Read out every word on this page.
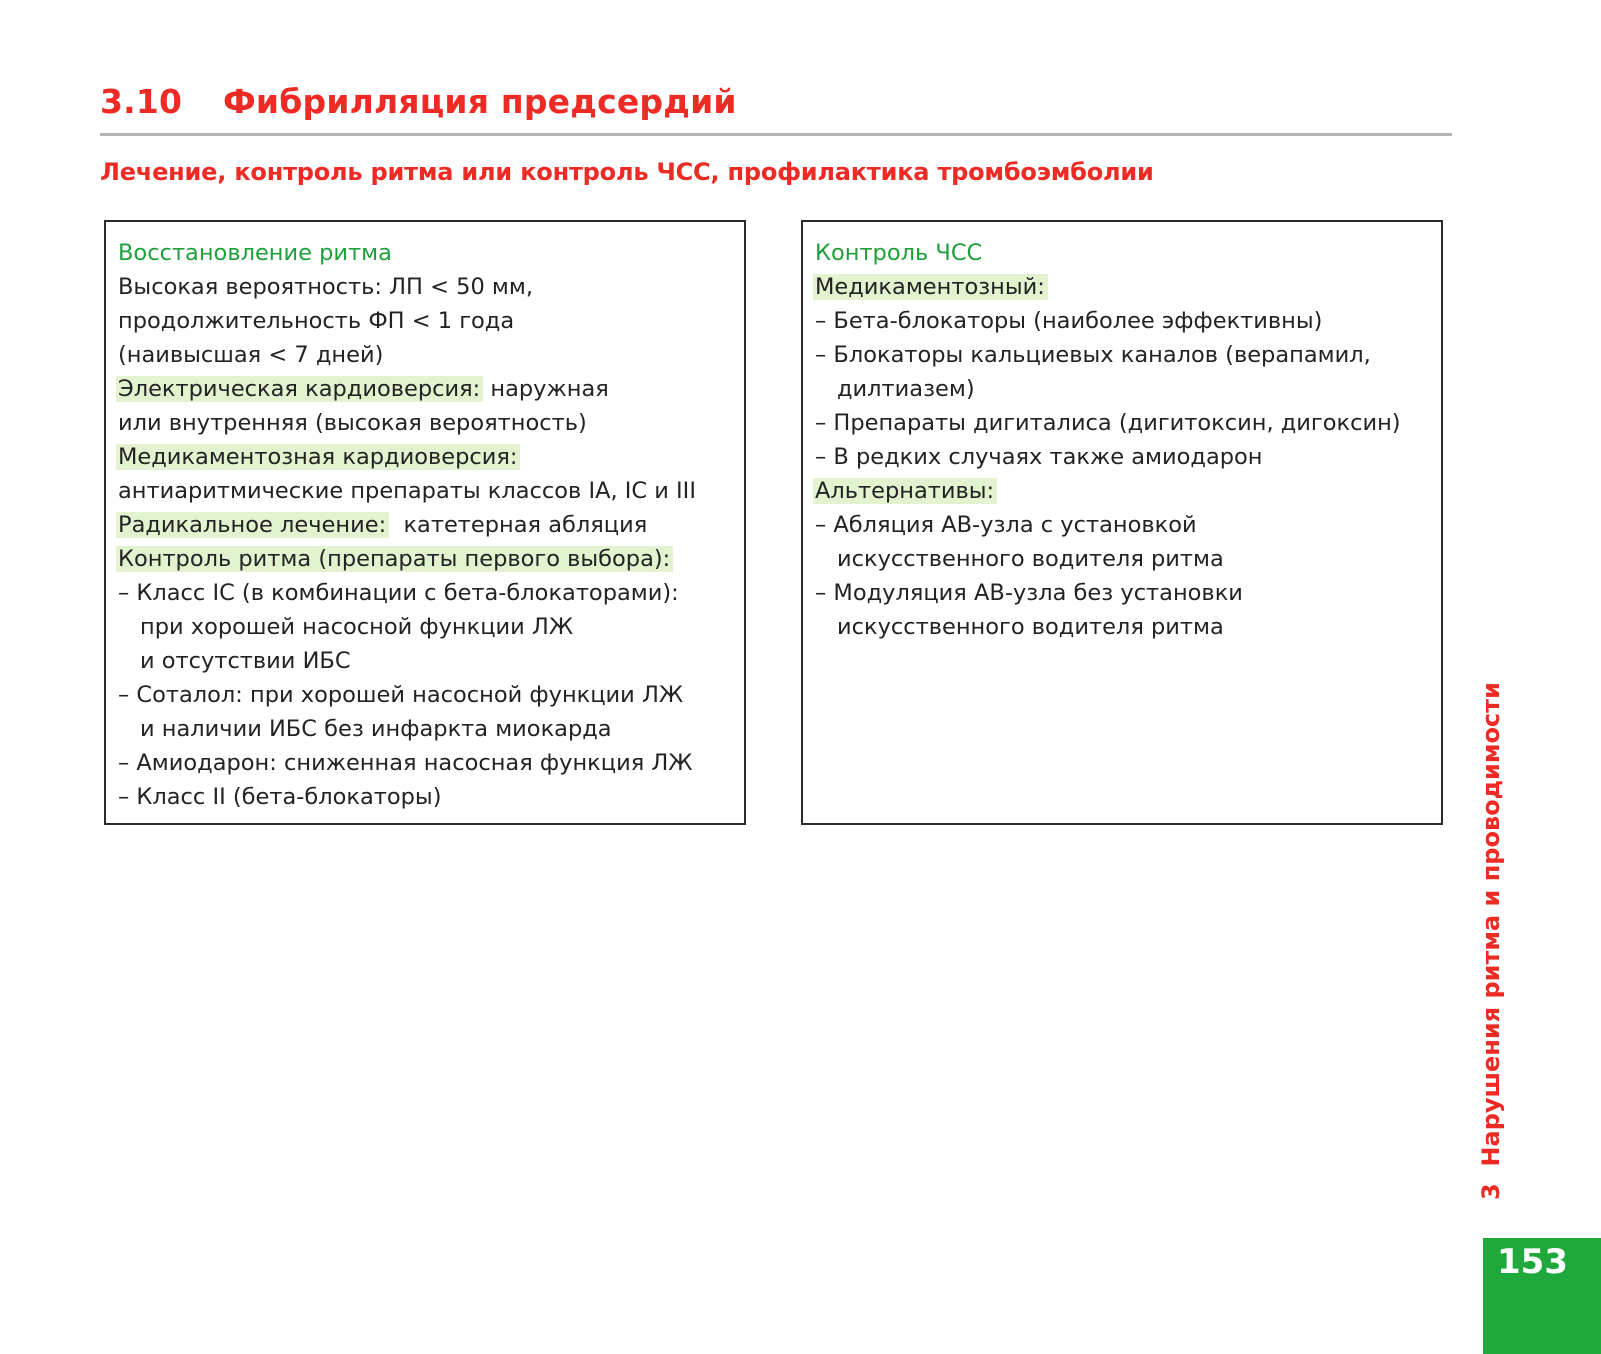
3.10 Фибрилляция предсердий
Лечение, контроль ритма или контроль ЧСС, профилактика тромбоэмболии
Восстановление ритма
Высокая вероятность: ЛП < 50 мм,
продолжительность ФП < 1 года
(наивысшая < 7 дней)
Электрическая кардиоверсия: наружная
или внутренняя (высокая вероятность)
Медикаментозная кардиоверсия:
антиаритмические препараты классов IA, IC и III
Радикальное лечение:  катетерная абляция
Контроль ритма (препараты первого выбора):
– Класс IC (в комбинации с бета-блокаторами):
при хорошей насосной функции ЛЖ
и отсутствии ИБС
– Соталол: при хорошей насосной функции ЛЖ
и наличии ИБС без инфаркта миокарда
– Амиодарон: сниженная насосная функция ЛЖ
– Класс II (бета-блокаторы)
Контроль ЧСС
Медикаментозный:
– Бета-блокаторы (наиболее эффективны)
– Блокаторы кальциевых каналов (верапамил,
дилтиазем)
– Препараты дигиталиса (дигитоксин, дигоксин)
– В редких случаях также амиодарон
Альтернативы:
– Абляция АВ-узла с установкой
искусственного водителя ритма
– Модуляция АВ-узла без установки
искусственного водителя ритма
3  Нарушения ритма и проводимости
153
